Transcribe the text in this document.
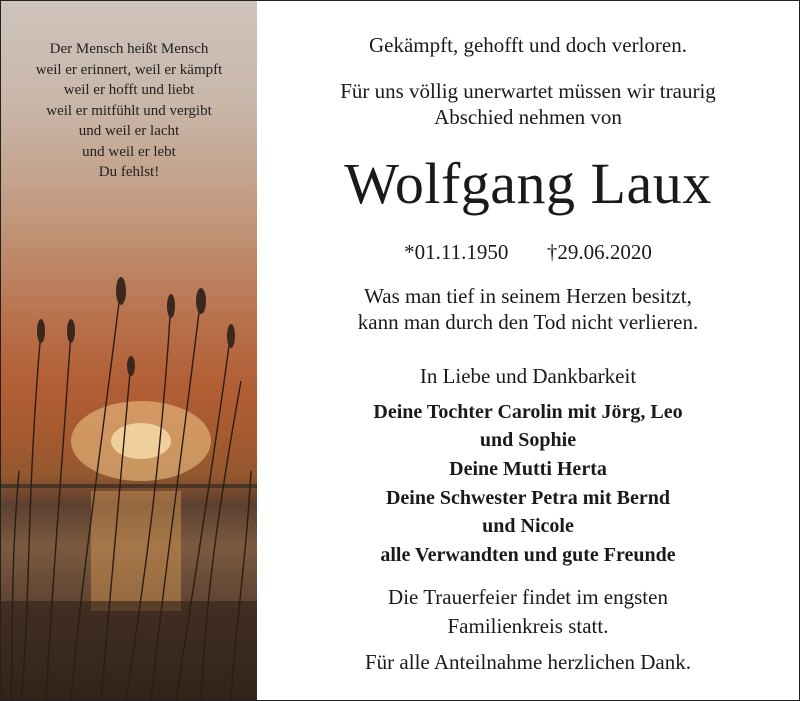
Der Mensch heißt Mensch
weil er erinnert, weil er kämpft
weil er hofft und liebt
weil er mitfühlt und vergibt
und weil er lacht
und weil er lebt
Du fehlst!
Gekämpft, gehofft und doch verloren.
Für uns völlig unerwartet müssen wir traurig
Abschied nehmen von
Wolfgang Laux
*01.11.1950 †29.06.2020
Was man tief in seinem Herzen besitzt,
kann man durch den Tod nicht verlieren.
In Liebe und Dankbarkeit
Deine Tochter Carolin mit Jörg, Leo
und Sophie
Deine Mutti Herta
Deine Schwester Petra mit Bernd
und Nicole
alle Verwandten und gute Freunde
Die Trauerfeier findet im engsten
Familienkreis statt.
Für alle Anteilnahme herzlichen Dank.
